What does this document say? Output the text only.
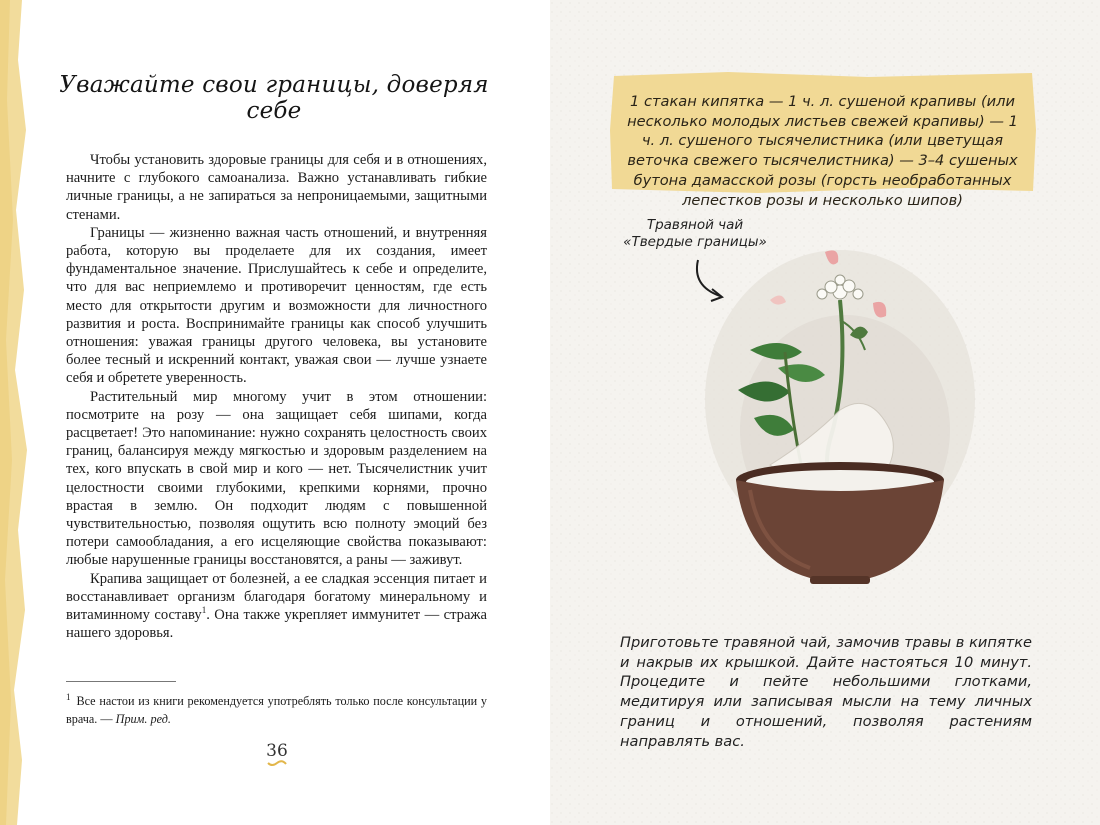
Уважайте свои границы, доверяя себе

Чтобы установить здоровые границы для себя и в отношениях, начните с глубокого самоанализа. Важно устанавливать гибкие личные границы, а не запираться за непроницаемыми, защитными стенами.

Границы — жизненно важная часть отношений, и внутренняя работа, которую вы проделаете для их создания, имеет фундаментальное значение. Прислушайтесь к себе и определите, что для вас неприемлемо и противоречит ценностям, где есть место для открытости другим и возможности для личностного развития и роста. Воспринимайте границы как способ улучшить отношения: уважая границы другого человека, вы установите более тесный и искренний контакт, уважая свои — лучше узнаете себя и обретете уверенность.

Растительный мир многому учит в этом отношении: посмотрите на розу — она защищает себя шипами, когда расцветает! Это напоминание: нужно сохранять целостность своих границ, балансируя между мягкостью и здоровым разделением на тех, кого впускать в свой мир и кого — нет. Тысячелистник учит целостности своими глубокими, крепкими корнями, прочно врастая в землю. Он подходит людям с повышенной чувствительностью, позволяя ощутить всю полноту эмоций без потери самообладания, а его исцеляющие свойства показывают: любые нарушенные границы восстановятся, а раны — заживут.

Крапива защищает от болезней, а ее сладкая эссенция питает и восстанавливает организм благодаря богатому минеральному и витаминному составу$^1$. Она также укрепляет иммунитет — стража нашего здоровья.

$^1$ Все настои из книги рекомендуется употреблять только после консультации у врача. — Прим. ред.
36
1 стакан кипятка — 1 ч. л. сушеной крапивы (или несколько молодых листьев свежей крапивы) — 1 ч. л. сушеного тысячелистника (или цветущая веточка свежего тысячелистника) — 3–4 сушеных бутона дамасской розы (горсть необработанных лепестков розы и несколько шипов)
Травяной чай
«Твердые границы»
Приготовьте травяной чай, замочив травы в кипятке и накрыв их крышкой. Дайте настояться 10 минут. Процедите и пейте небольшими глотками, медитируя или записывая мысли на тему личных границ и отношений, позволяя растениям направлять вас.
